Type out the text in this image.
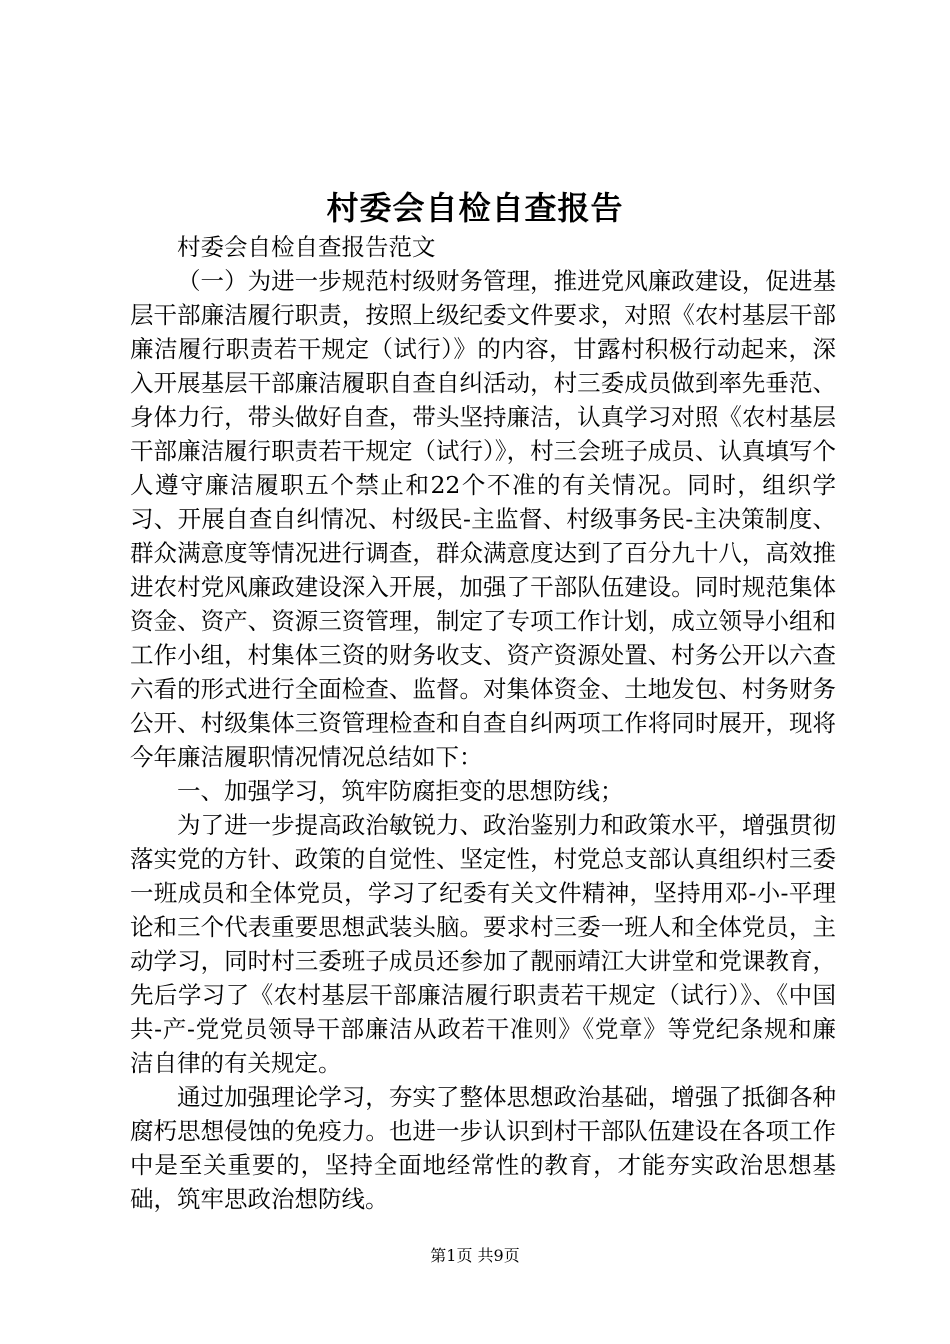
村委会自检自查报告

村委会自检自查报告范文

（一）为进一步规范村级财务管理，推进党风廉政建设，促进基层干部廉洁履行职责，按照上级纪委文件要求，对照《农村基层干部廉洁履行职责若干规定（试行）》的内容，甘露村积极行动起来，深入开展基层干部廉洁履职自查自纠活动，村三委成员做到率先垂范、身体力行，带头做好自查，带头坚持廉洁，认真学习对照《农村基层干部廉洁履行职责若干规定（试行）》，村三会班子成员、认真填写个人遵守廉洁履职五个禁止和22个不准的有关情况。同时，组织学习、开展自查自纠情况、村级民-主监督、村级事务民-主决策制度、群众满意度等情况进行调查，群众满意度达到了百分九十八，高效推进农村党风廉政建设深入开展，加强了干部队伍建设。同时规范集体资金、资产、资源三资管理，制定了专项工作计划，成立领导小组和工作小组，村集体三资的财务收支、资产资源处置、村务公开以六查六看的形式进行全面检查、监督。对集体资金、土地发包、村务财务公开、村级集体三资管理检查和自查自纠两项工作将同时展开，现将今年廉洁履职情况情况总结如下：

一、加强学习，筑牢防腐拒变的思想防线；

为了进一步提高政治敏锐力、政治鉴别力和政策水平，增强贯彻落实党的方针、政策的自觉性、坚定性，村党总支部认真组织村三委一班成员和全体党员，学习了纪委有关文件精神，坚持用邓-小-平理论和三个代表重要思想武装头脑。要求村三委一班人和全体党员，主动学习，同时村三委班子成员还参加了靓丽靖江大讲堂和党课教育，先后学习了《农村基层干部廉洁履行职责若干规定（试行）》、《中国共-产-党党员领导干部廉洁从政若干准则》《党章》等党纪条规和廉洁自律的有关规定。

通过加强理论学习，夯实了整体思想政治基础，增强了抵御各种腐朽思想侵蚀的免疫力。也进一步认识到村干部队伍建设在各项工作中是至关重要的，坚持全面地经常性的教育，才能夯实政治思想基础，筑牢思政治想防线。

第1页 共9页
